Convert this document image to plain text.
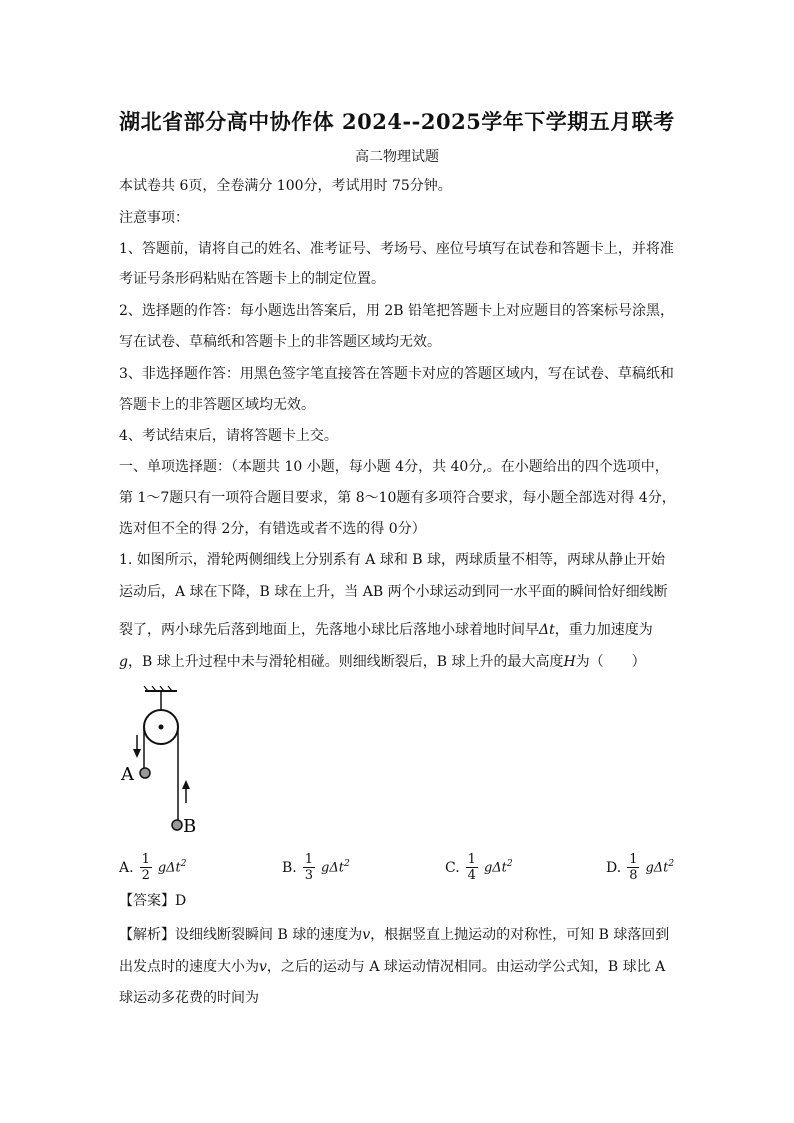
湖北省部分高中协作体 2024--2025学年下学期五月联考
高二物理试题
本试卷共 6页，全卷满分 100分，考试用时 75分钟。
注意事项：
1、答题前，请将自己的姓名、准考证号、考场号、座位号填写在试卷和答题卡上，并将准
考证号条形码粘贴在答题卡上的制定位置。
2、选择题的作答：每小题选出答案后，用 2B 铅笔把答题卡上对应题目的答案标号涂黑，
写在试卷、草稿纸和答题卡上的非答题区域均无效。
3、非选择题作答：用黑色签字笔直接答在答题卡对应的答题区域内，写在试卷、草稿纸和
答题卡上的非答题区域均无效。
4、考试结束后，请将答题卡上交。
一、单项选择题：（本题共 10 小题，每小题 4分，共 40分,。在小题给出的四个选项中，
第 1～7题只有一项符合题目要求，第 8～10题有多项符合要求，每小题全部选对得 4分，
选对但不全的得 2分，有错选或者不选的得 0分）
1. 如图所示，滑轮两侧细线上分别系有 A 球和 B 球，两球质量不相等，两球从静止开始
运动后，A 球在下降，B 球在上升，当 AB 两个小球运动到同一水平面的瞬间恰好细线断
裂了，两小球先后落到地面上，先落地小球比后落地小球着地时间早Δt，重力加速度为
g，B 球上升过程中未与滑轮相碰。则细线断裂后，B 球上升的最大高度H为（　　）
A
B
A. $\frac{1}{2} g\Delta t^2$	B. $\frac{1}{3} g\Delta t^2$	C. $\frac{1}{4} g\Delta t^2$	D. $\frac{1}{8} g\Delta t^2$
【答案】D
【解析】设细线断裂瞬间 B 球的速度为v，根据竖直上抛运动的对称性，可知 B 球落回到
出发点时的速度大小为v，之后的运动与 A 球运动情况相同。由运动学公式知，B 球比 A
球运动多花费的时间为
